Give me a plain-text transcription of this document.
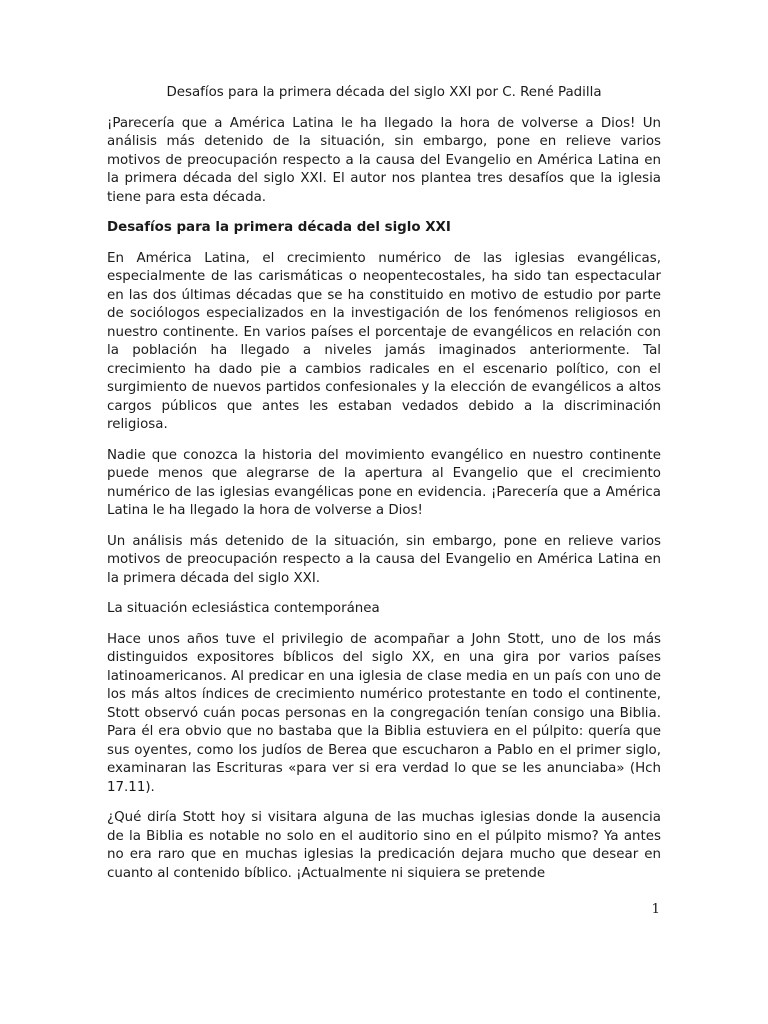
Desafíos para la primera década del siglo XXI por C. René Padilla

¡Parecería que a América Latina le ha llegado la hora de volverse a Dios! Un análisis más detenido de la situación, sin embargo, pone en relieve varios motivos de preocupación respecto a la causa del Evangelio en América Latina en la primera década del siglo XXI. El autor nos plantea tres desafíos que la iglesia tiene para esta década.

Desafíos para la primera década del siglo XXI

En América Latina, el crecimiento numérico de las iglesias evangélicas, especialmente de las carismáticas o neopentecostales, ha sido tan espectacular en las dos últimas décadas que se ha constituido en motivo de estudio por parte de sociólogos especializados en la investigación de los fenómenos religiosos en nuestro continente. En varios países el porcentaje de evangélicos en relación con la población ha llegado a niveles jamás imaginados anteriormente. Tal crecimiento ha dado pie a cambios radicales en el escenario político, con el surgimiento de nuevos partidos confesionales y la elección de evangélicos a altos cargos públicos que antes les estaban vedados debido a la discriminación religiosa.

Nadie que conozca la historia del movimiento evangélico en nuestro continente puede menos que alegrarse de la apertura al Evangelio que el crecimiento numérico de las iglesias evangélicas pone en evidencia. ¡Parecería que a América Latina le ha llegado la hora de volverse a Dios!

Un análisis más detenido de la situación, sin embargo, pone en relieve varios motivos de preocupación respecto a la causa del Evangelio en América Latina en la primera década del siglo XXI.

La situación eclesiástica contemporánea

Hace unos años tuve el privilegio de acompañar a John Stott, uno de los más distinguidos expositores bíblicos del siglo XX, en una gira por varios países latinoamericanos. Al predicar en una iglesia de clase media en un país con uno de los más altos índices de crecimiento numérico protestante en todo el continente, Stott observó cuán pocas personas en la congregación tenían consigo una Biblia. Para él era obvio que no bastaba que la Biblia estuviera en el púlpito: quería que sus oyentes, como los judíos de Berea que escucharon a Pablo en el primer siglo, examinaran las Escrituras «para ver si era verdad lo que se les anunciaba» (Hch 17.11).

¿Qué diría Stott hoy si visitara alguna de las muchas iglesias donde la ausencia de la Biblia es notable no solo en el auditorio sino en el púlpito mismo? Ya antes no era raro que en muchas iglesias la predicación dejara mucho que desear en cuanto al contenido bíblico. ¡Actualmente ni siquiera se pretende

1
